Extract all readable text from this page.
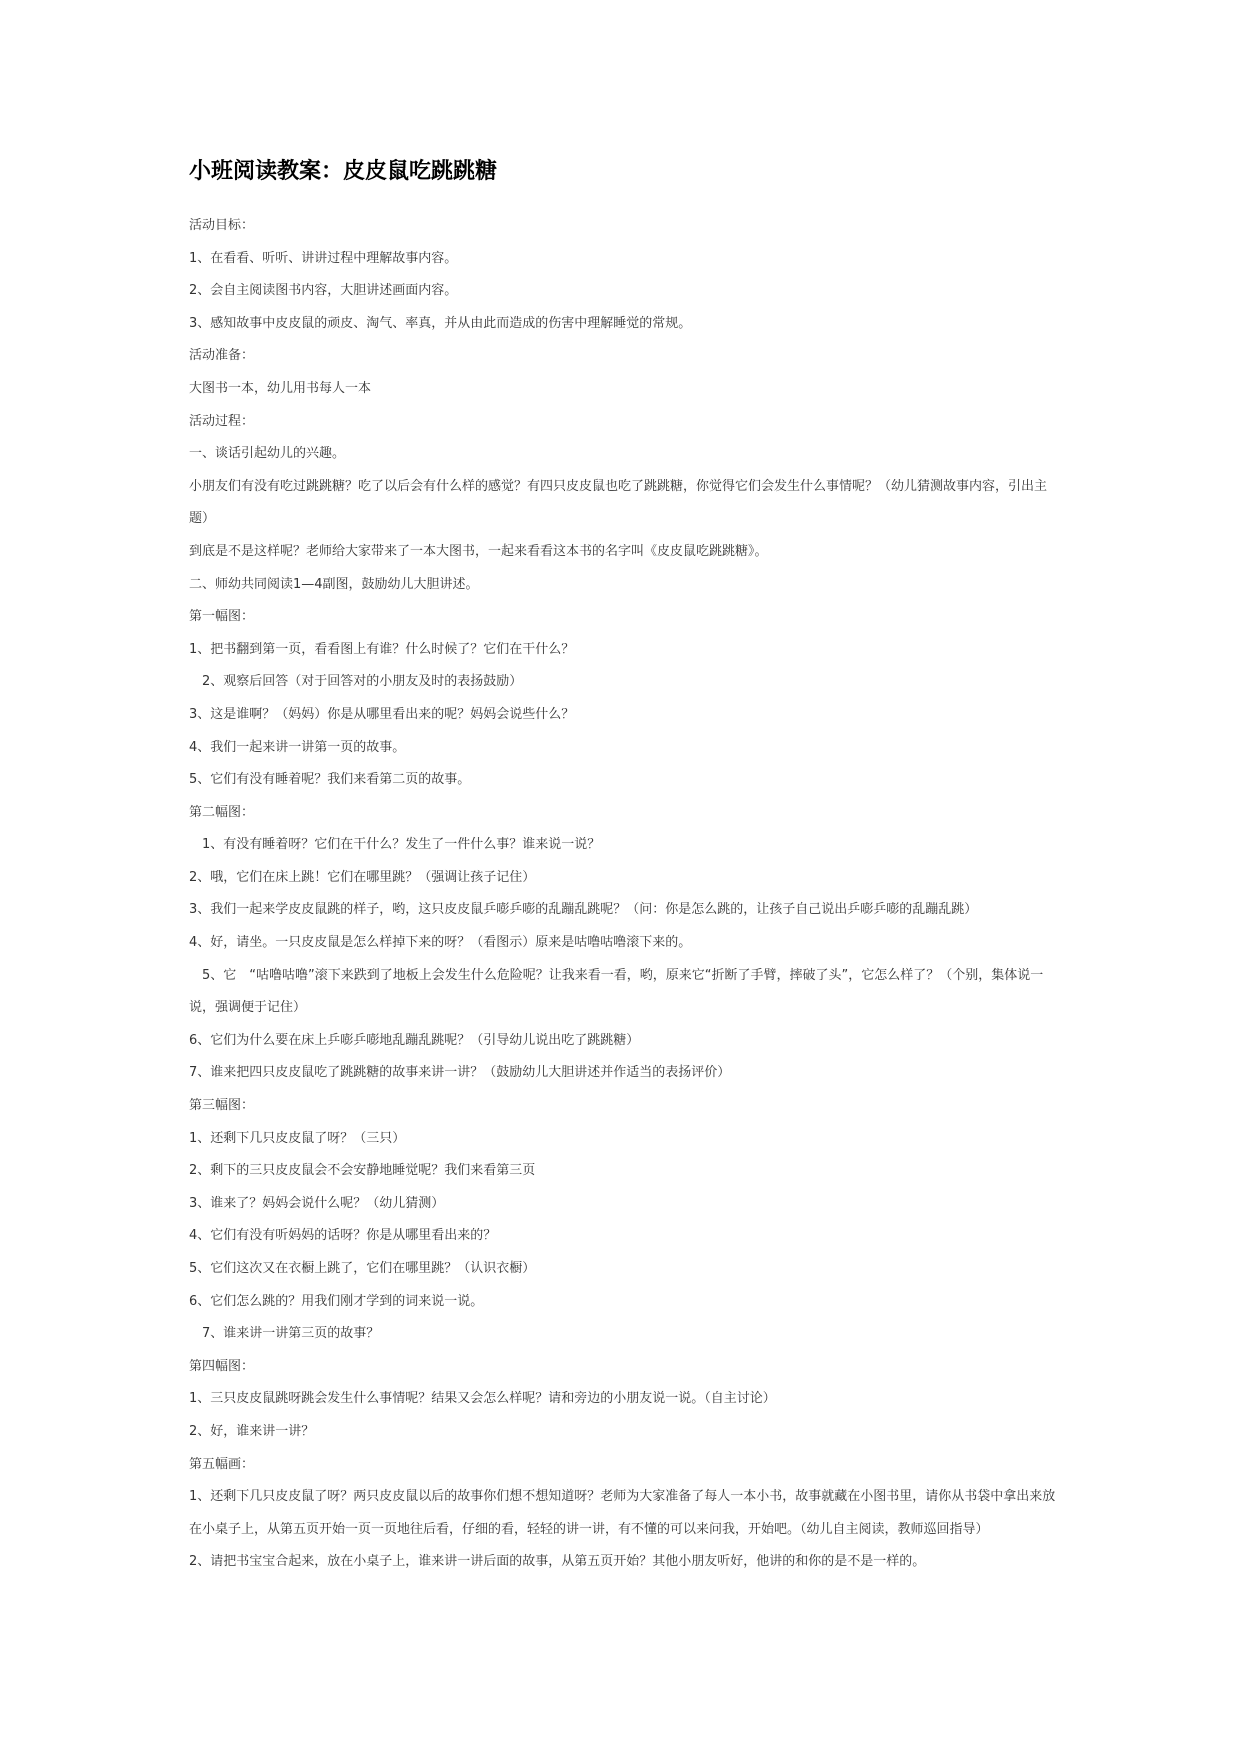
小班阅读教案：皮皮鼠吃跳跳糖

活动目标：

1、在看看、听听、讲讲过程中理解故事内容。

2、会自主阅读图书内容，大胆讲述画面内容。

3、感知故事中皮皮鼠的顽皮、淘气、率真，并从由此而造成的伤害中理解睡觉的常规。

活动准备：

大图书一本，幼儿用书每人一本

活动过程：

一、谈话引起幼儿的兴趣。

小朋友们有没有吃过跳跳糖？吃了以后会有什么样的感觉？有四只皮皮鼠也吃了跳跳糖，你觉得它们会发生什么事情呢？（幼儿猜测故事内容，引出主题）

到底是不是这样呢？老师给大家带来了一本大图书，一起来看看这本书的名字叫《皮皮鼠吃跳跳糖》。

二、师幼共同阅读1—4副图，鼓励幼儿大胆讲述。

第一幅图：

1、把书翻到第一页，看看图上有谁？什么时候了？它们在干什么？

　2、观察后回答（对于回答对的小朋友及时的表扬鼓励）

3、这是谁啊？（妈妈）你是从哪里看出来的呢？妈妈会说些什么？

4、我们一起来讲一讲第一页的故事。

5、它们有没有睡着呢？我们来看第二页的故事。

第二幅图：

　1、有没有睡着呀？它们在干什么？发生了一件什么事？谁来说一说？

2、哦，它们在床上跳！它们在哪里跳？（强调让孩子记住）

3、我们一起来学皮皮鼠跳的样子，哟，这只皮皮鼠乒嘭乒嘭的乱蹦乱跳呢？（问：你是怎么跳的，让孩子自己说出乒嘭乒嘭的乱蹦乱跳）

4、好，请坐。一只皮皮鼠是怎么样掉下来的呀？（看图示）原来是咕噜咕噜滚下来的。

　5、它　“咕噜咕噜”滚下来跌到了地板上会发生什么危险呢？让我来看一看，哟，原来它“折断了手臂，摔破了头”，它怎么样了？（个别，集体说一说，强调便于记住）

6、它们为什么要在床上乒嘭乒嘭地乱蹦乱跳呢？（引导幼儿说出吃了跳跳糖）

7、谁来把四只皮皮鼠吃了跳跳糖的故事来讲一讲？（鼓励幼儿大胆讲述并作适当的表扬评价）

第三幅图：

1、还剩下几只皮皮鼠了呀？（三只）

2、剩下的三只皮皮鼠会不会安静地睡觉呢？我们来看第三页

3、谁来了？妈妈会说什么呢？（幼儿猜测）

4、它们有没有听妈妈的话呀？你是从哪里看出来的？

5、它们这次又在衣橱上跳了，它们在哪里跳？（认识衣橱）

6、它们怎么跳的？用我们刚才学到的词来说一说。

　7、谁来讲一讲第三页的故事？

第四幅图：

1、三只皮皮鼠跳呀跳会发生什么事情呢？结果又会怎么样呢？请和旁边的小朋友说一说。（自主讨论）

2、好，谁来讲一讲？

第五幅画：

1、还剩下几只皮皮鼠了呀？两只皮皮鼠以后的故事你们想不想知道呀？老师为大家准备了每人一本小书，故事就藏在小图书里，请你从书袋中拿出来放在小桌子上，从第五页开始一页一页地往后看，仔细的看，轻轻的讲一讲，有不懂的可以来问我，开始吧。（幼儿自主阅读，教师巡回指导）

2、请把书宝宝合起来，放在小桌子上，谁来讲一讲后面的故事，从第五页开始？其他小朋友听好，他讲的和你的是不是一样的。
